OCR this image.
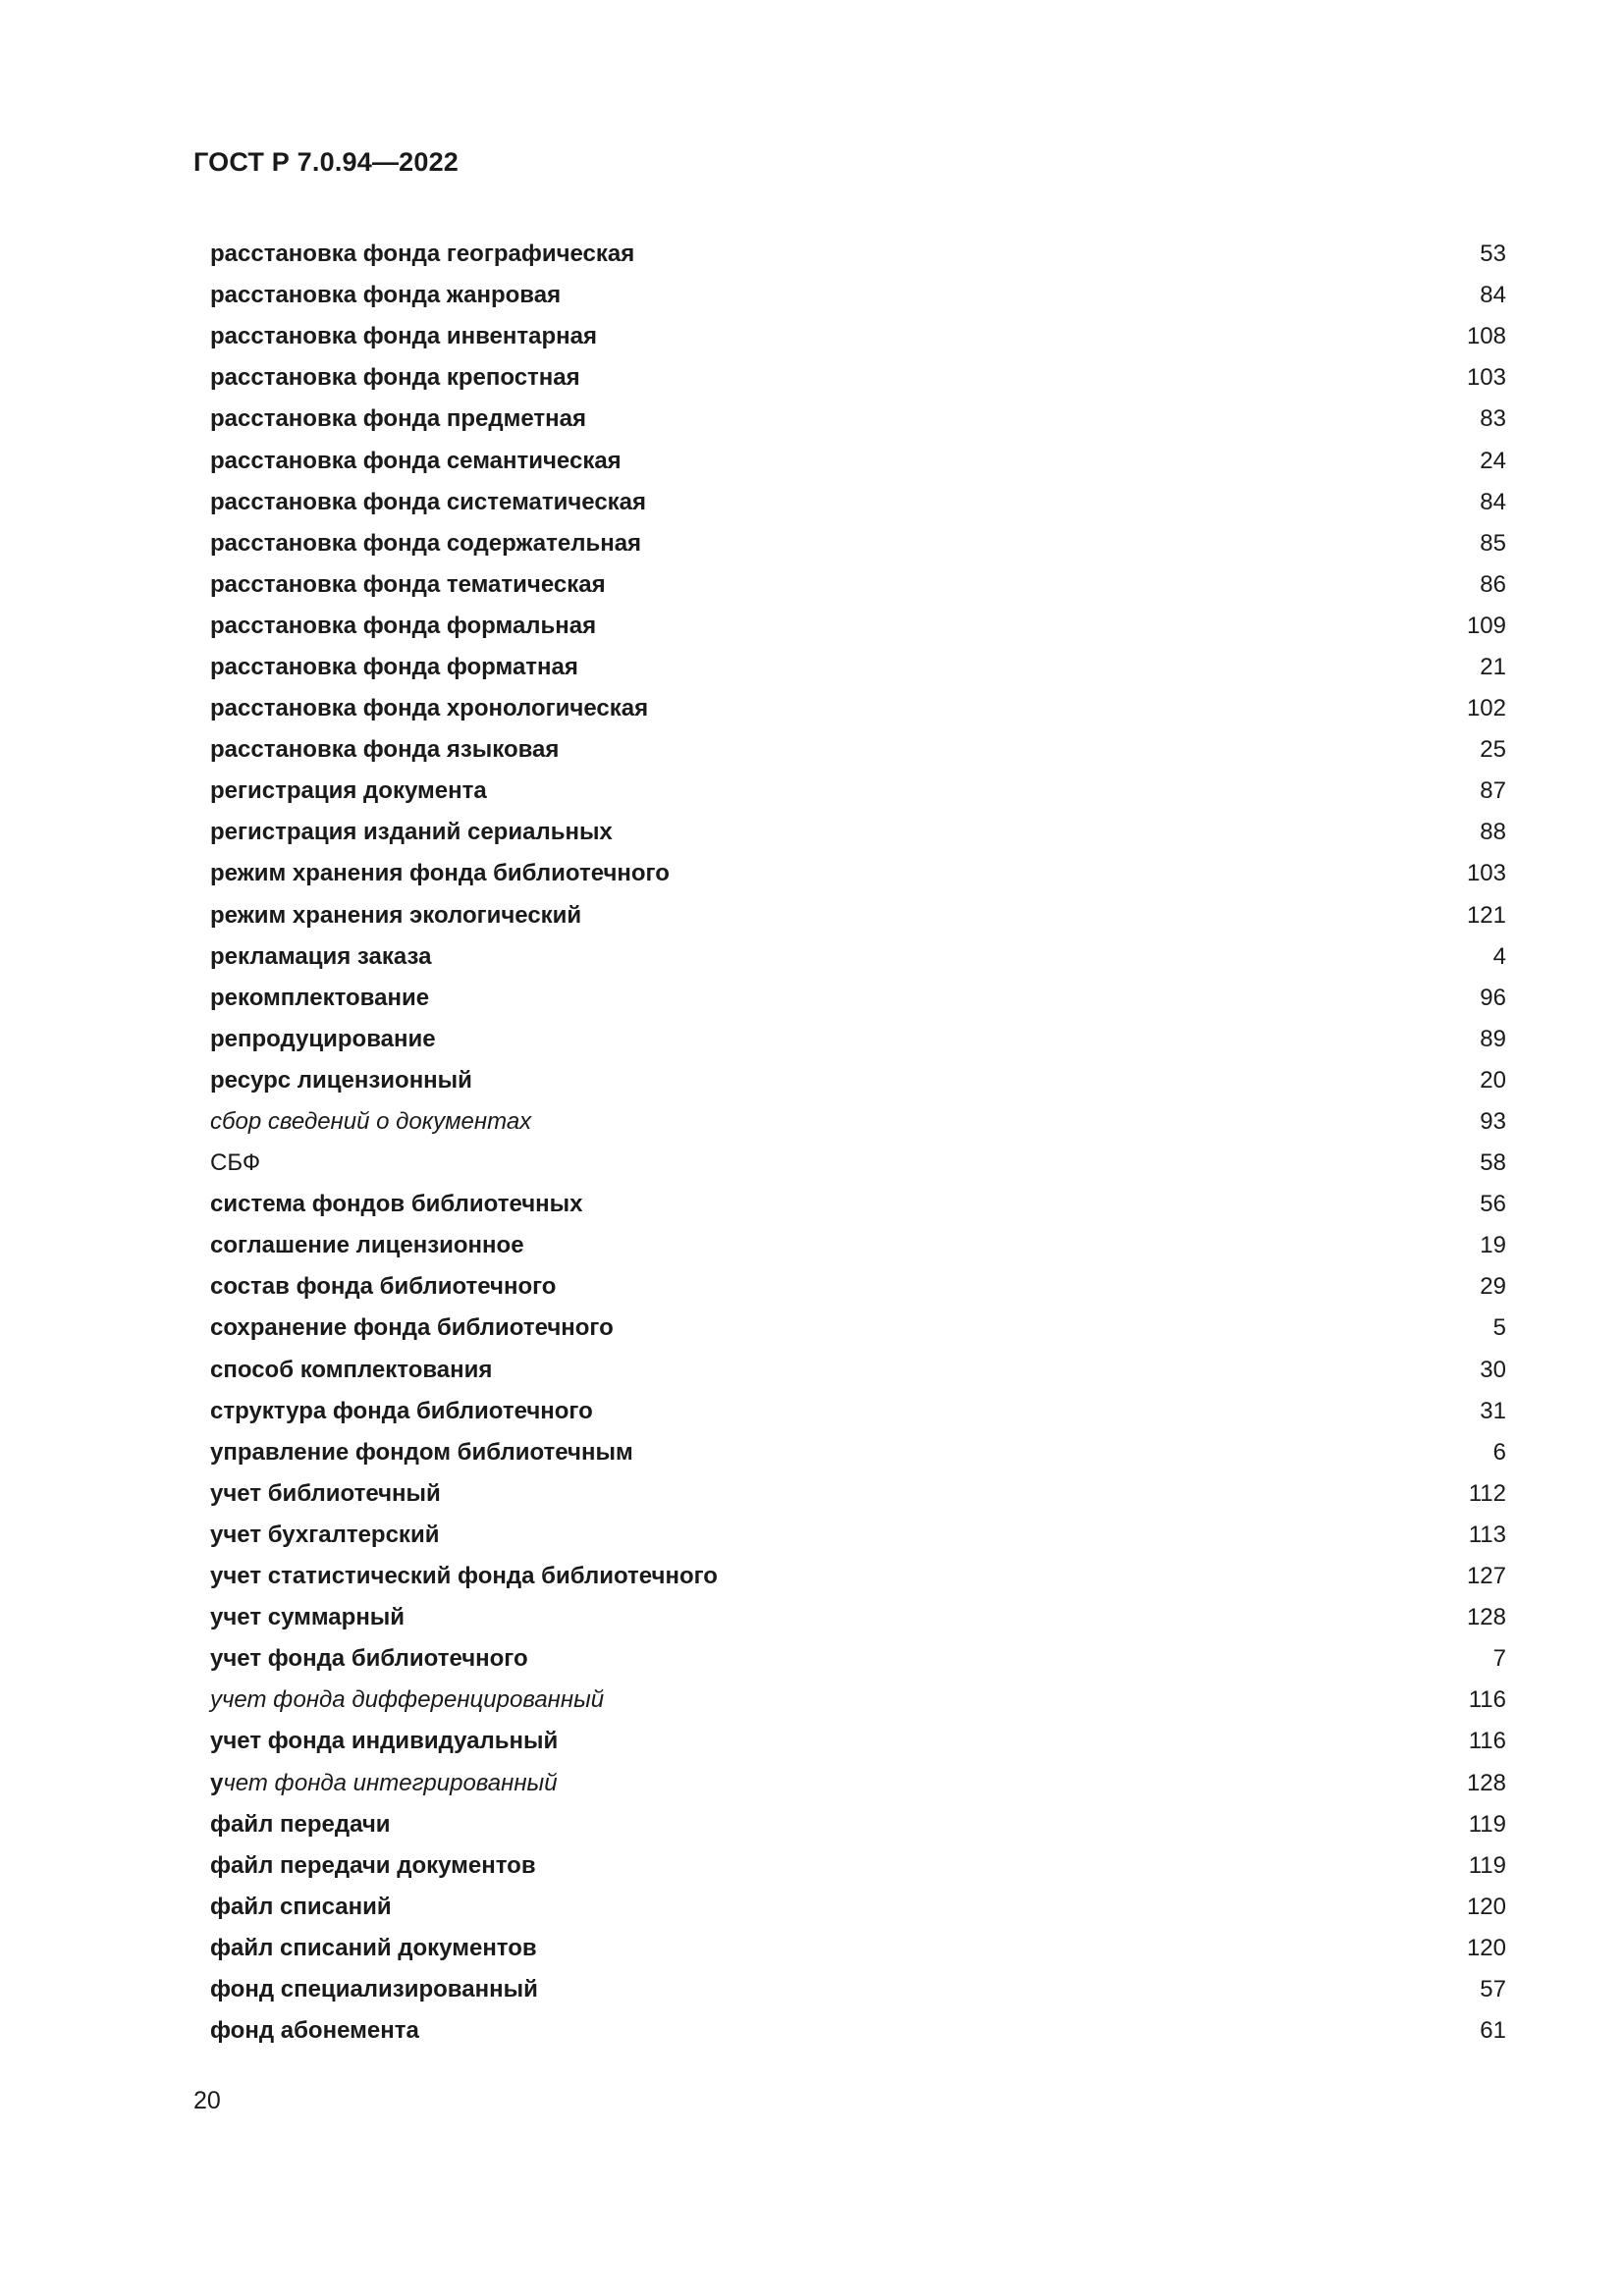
ГОСТ Р 7.0.94—2022
расстановка фонда географическая	53
расстановка фонда жанровая	84
расстановка фонда инвентарная	108
расстановка фонда крепостная	103
расстановка фонда предметная	83
расстановка фонда семантическая	24
расстановка фонда систематическая	84
расстановка фонда содержательная	85
расстановка фонда тематическая	86
расстановка фонда формальная	109
расстановка фонда форматная	21
расстановка фонда хронологическая	102
расстановка фонда языковая	25
регистрация документа	87
регистрация изданий сериальных	88
режим хранения фонда библиотечного	103
режим хранения экологический	121
рекламация заказа	4
рекомплектование	96
репродуцирование	89
ресурс лицензионный	20
сбор сведений о документах	93
СБФ	58
система фондов библиотечных	56
соглашение лицензионное	19
состав фонда библиотечного	29
сохранение фонда библиотечного	5
способ комплектования	30
структура фонда библиотечного	31
управление фондом библиотечным	6
учет библиотечный	112
учет бухгалтерский	113
учет статистический фонда библиотечного	127
учет суммарный	128
учет фонда библиотечного	7
учет фонда дифференцированный	116
учет фонда индивидуальный	116
учет фонда интегрированный	128
файл передачи	119
файл передачи документов	119
файл списаний	120
файл списаний документов	120
фонд специализированный	57
фонд абонемента	61
20
